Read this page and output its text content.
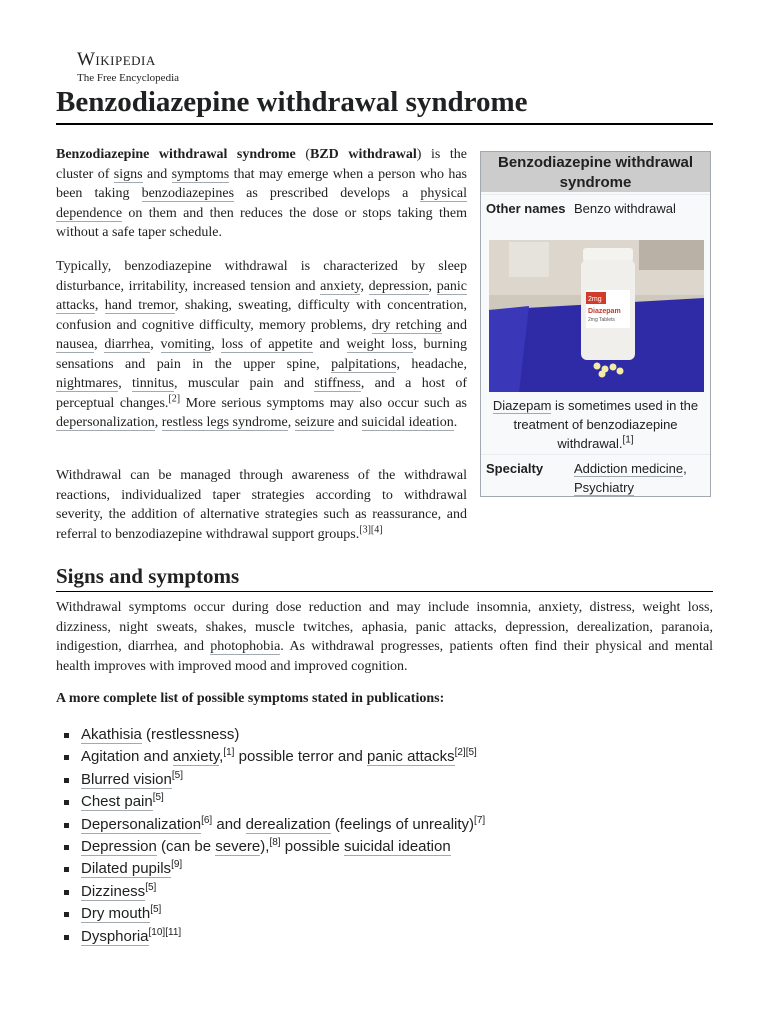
Wikipedia
The Free Encyclopedia
Benzodiazepine withdrawal syndrome

Benzodiazepine withdrawal syndrome (BZD withdrawal) is the cluster of signs and symptoms that may emerge when a person who has been taking benzodiazepines as prescribed develops a physical dependence on them and then reduces the dose or stops taking them without a safe taper schedule.

Typically, benzodiazepine withdrawal is characterized by sleep disturbance, irritability, increased tension and anxiety, depression, panic attacks, hand tremor, shaking, sweating, difficulty with concentration, confusion and cognitive difficulty, memory problems, dry retching and nausea, diarrhea, vomiting, loss of appetite and weight loss, burning sensations and pain in the upper spine, palpitations, headache, nightmares, tinnitus, muscular pain and stiffness, and a host of perceptual changes.[2] More serious symptoms may also occur such as depersonalization, restless legs syndrome, seizure and suicidal ideation.

Withdrawal can be managed through awareness of the withdrawal reactions, individualized taper strategies according to withdrawal severity, the addition of alternative strategies such as reassurance, and referral to benzodiazepine withdrawal support groups.[3][4]

Benzodiazepine withdrawal syndrome
Other names Benzo withdrawal
2mg
Diazepam
2mg Tablets
Diazepam is sometimes used in the treatment of benzodiazepine withdrawal.[1]
Specialty Addiction medicine,
Psychiatry
Signs and symptoms

Withdrawal symptoms occur during dose reduction and may include insomnia, anxiety, distress, weight loss, dizziness, night sweats, shakes, muscle twitches, aphasia, panic attacks, depression, derealization, paranoia, indigestion, diarrhea, and photophobia. As withdrawal progresses, patients often find their physical and mental health improves with improved mood and improved cognition.

A more complete list of possible symptoms stated in publications:

Akathisia (restlessness)
Agitation and anxiety,[1] possible terror and panic attacks[2][5]
Blurred vision[5]
Chest pain[5]
Depersonalization[6] and derealization (feelings of unreality)[7]
Depression (can be severe),[8] possible suicidal ideation
Dilated pupils[9]
Dizziness[5]
Dry mouth[5]
Dysphoria[10][11]
